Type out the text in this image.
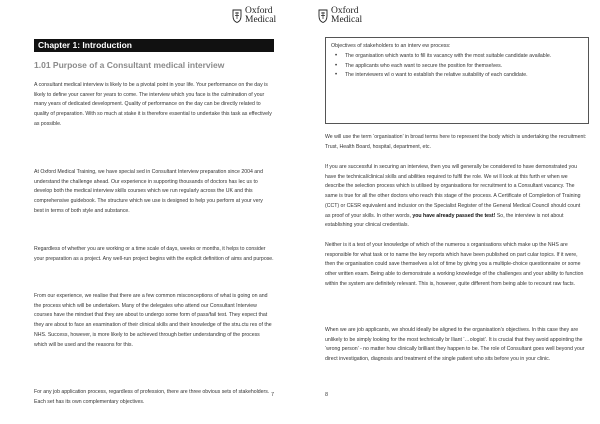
Oxford
Medical
Chapter 1: Introduction
1.01 Purpose of a Consultant medical interview

A consultant medical interview is likely to be a pivotal point in your life. Your performance on the day is likely to define your career for years to come. The interview which you face is the culmination of your many years of dedicated development. Quality of performance on the day can be directly related to quality of preparation. With so much at stake it is therefore essential to undertake this task as effectively as possible.

At Oxford Medical Training, we have special sed in Consultant Interview preparation since 2004 and understand the challenge ahead. Our experience in supporting thousands of doctors has lec us to develop both the medical interview skills courses which we run regularly across the UK and this comprehensive guidebook. The structure which we use is designed to help you perform at your very best in terms of both style and substance.

Regardless of whether you are working or a time scale of days, weeks or months, it helps to consider your preparation as a project. Any well-run project begins with the explicit definition of aims and purpose.

From our experience, we realise that there are a few common misconceptions of what is going on and the process which will be undertaken. Many of the delegates who attend our Consultant Interview courses have the mindset that they are about to undergo some form of pass/fail test. They expect that they are about to face an examination of their clinical skills and their knowledge of the stru.ctu res of the NHS. Success, however, is more likely to be achieved through better understanding of the process which will be used and the reasons for this.

For any job application process, regardless of profession, there are three obvious sets of stakeholders. Each set has its own complementary objectives.

7
Oxford
Medical
Objectives of stakeholders to an interv ew process:
• The organisation which wants to fill its vacancy with the most suitable candidate available.
• The applicants who each want to secure the position for themselves.
• The interviewers wI o want to establish the relative suitability of each candidate.

We will use the term ‘organisation’ in broad terms here to represent the body which is undertaking the recruitment: Trust, Health Board, hospital, department, etc.

If you are successful in securing an interview, then you will generally be considered to have demonstrated you have the technical/clinical skills and abilities required to fulfil the role. We wi ll look at this furth er when we describe the selection process which is utilised by organisations for recruitment to a Consultant vacancy. The same is true for all the other doctors who reach this stage of the process. A Certificate of Completion of Training (CCT) or CESR equivalent and inclusior on the Specialist Register of the General Medical Council should count as proof of your skills. In other words, you have already passed the test! So, the interview is not about establishing your clinical credentials.

Neither is it a test of your knowledge of which of the numerou s organisations which make up the NHS are responsible for what task or to name the key reports which have been published on part cular topics. If it were, then the organisation could save themselves a lot of time by giving you a multiple-choice questionnaire or some other written exam. Being able to demonstrate a working knowledge of the challenges and your ability to function within the system are definitely relevant. This is, however, quite different from being able to recount raw facts.

When we are job applicants, we should ideally be aligned to the organisation’s objectives. In this case they are unlikely to be simply looking for the most technically br lliant ‘…ologist’. It is crucial that they avoid appointing the ‘wrong person’ - no matter how clinically brilliant they happen to be. The role of Consultant goes well beyond your direct investigation, diagnosis and treatment of the single patient who sits before you in your clinic.

8
